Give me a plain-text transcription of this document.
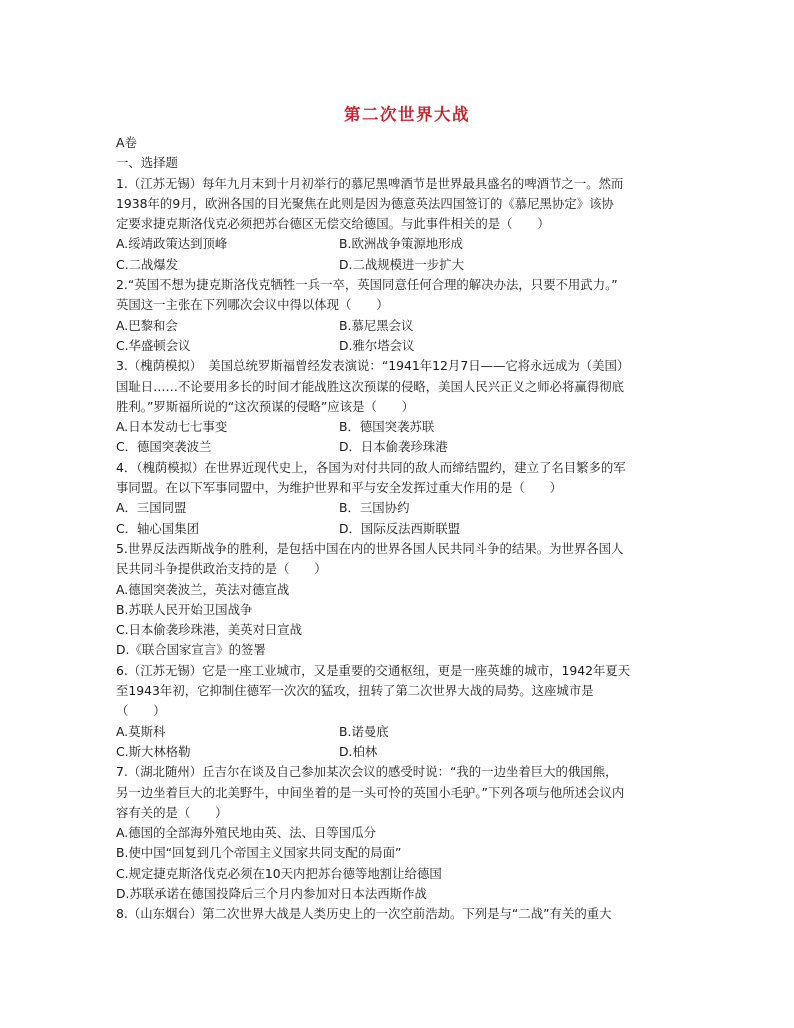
第二次世界大战
A卷
一、选择题
1.（江苏无锡）每年九月末到十月初举行的慕尼黑啤酒节是世界最具盛名的啤酒节之一。然而
1938年的9月，欧洲各国的目光聚焦在此则是因为德意英法四国签订的《慕尼黑协定》该协
定要求捷克斯洛伐克必须把苏台德区无偿交给德国。与此事件相关的是（　　）
A.绥靖政策达到顶峰	B.欧洲战争策源地形成
C.二战爆发	D.二战规模进一步扩大
2.“英国不想为捷克斯洛伐克牺牲一兵一卒，英国同意任何合理的解决办法，只要不用武力。”
英国这一主张在下列哪次会议中得以体现（　　）
A.巴黎和会	B.慕尼黑会议
C.华盛顿会议	D.雅尔塔会议
3.（槐荫模拟）　美国总统罗斯福曾经发表演说：“1941年12月7日——它将永远成为（美国）
国耻日……不论要用多长的时间才能战胜这次预谋的侵略，美国人民兴正义之师必将赢得彻底
胜利。”罗斯福所说的“这次预谋的侵略”应该是（　　）
A.日本发动七七事变	B．德国突袭苏联
C．德国突袭波兰	D．日本偷袭珍珠港
4．（槐荫模拟）在世界近现代史上，各国为对付共同的敌人而缔结盟约，建立了名目繁多的军
事同盟。在以下军事同盟中，为维护世界和平与安全发挥过重大作用的是（　　）
A．三国同盟	B．三国协约
C．轴心国集团	D．国际反法西斯联盟
5.世界反法西斯战争的胜利，是包括中国在内的世界各国人民共同斗争的结果。为世界各国人
民共同斗争提供政治支持的是（　　）
A.德国突袭波兰，英法对德宣战
B.苏联人民开始卫国战争
C.日本偷袭珍珠港，美英对日宣战
D.《联合国家宣言》的签署
6.（江苏无锡）它是一座工业城市，又是重要的交通枢纽，更是一座英雄的城市，1942年夏天
至1943年初，它抑制住德军一次次的猛攻，扭转了第二次世界大战的局势。这座城市是
（　　）
A.莫斯科	B.诺曼底
C.斯大林格勒	D.柏林
7.（湖北随州）丘吉尔在谈及自己参加某次会议的感受时说：“我的一边坐着巨大的俄国熊，
另一边坐着巨大的北美野牛，中间坐着的是一头可怜的英国小毛驴。”下列各项与他所述会议内
容有关的是（　　）
A.德国的全部海外殖民地由英、法、日等国瓜分
B.使中国“回复到几个帝国主义国家共同支配的局面”
C.规定捷克斯洛伐克必须在10天内把苏台德等地割让给德国
D.苏联承诺在德国投降后三个月内参加对日本法西斯作战
8.（山东烟台）第二次世界大战是人类历史上的一次空前浩劫。下列是与“二战”有关的重大
